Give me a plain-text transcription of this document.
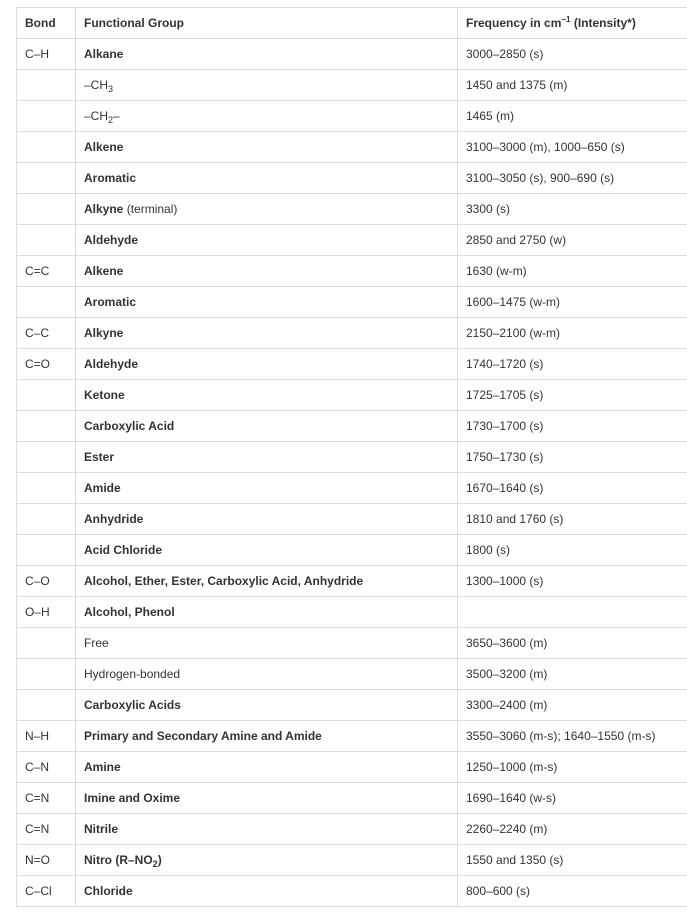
Bond	Functional Group	Frequency in $cm^{-1}$ (Intensity*)
C–H	Alkane	3000–2850 (s)
	$-CH_3$	1450 and 1375 (m)
	$-CH_2-$	1465 (m)
	Alkene	3100–3000 (m), 1000–650 (s)
	Aromatic	3100–3050 (s), 900–690 (s)
	Alkyne (terminal)	3300 (s)
	Aldehyde	2850 and 2750 (w)
C=C	Alkene	1630 (w-m)
	Aromatic	1600–1475 (w-m)
C–C	Alkyne	2150–2100 (w-m)
C=O	Aldehyde	1740–1720 (s)
	Ketone	1725–1705 (s)
	Carboxylic Acid	1730–1700 (s)
	Ester	1750–1730 (s)
	Amide	1670–1640 (s)
	Anhydride	1810 and 1760 (s)
	Acid Chloride	1800 (s)
C–O	Alcohol, Ether, Ester, Carboxylic Acid, Anhydride	1300–1000 (s)
O–H	Alcohol, Phenol	
	Free	3650–3600 (m)
	Hydrogen-bonded	3500–3200 (m)
	Carboxylic Acids	3300–2400 (m)
N–H	Primary and Secondary Amine and Amide	3550–3060 (m-s); 1640–1550 (m-s)
C–N	Amine	1250–1000 (m-s)
C=N	Imine and Oxime	1690–1640 (w-s)
C=N	Nitrile	2260–2240 (m)
N=O	Nitro $(R-NO_2)$	1550 and 1350 (s)
C–Cl	Chloride	800–600 (s)
